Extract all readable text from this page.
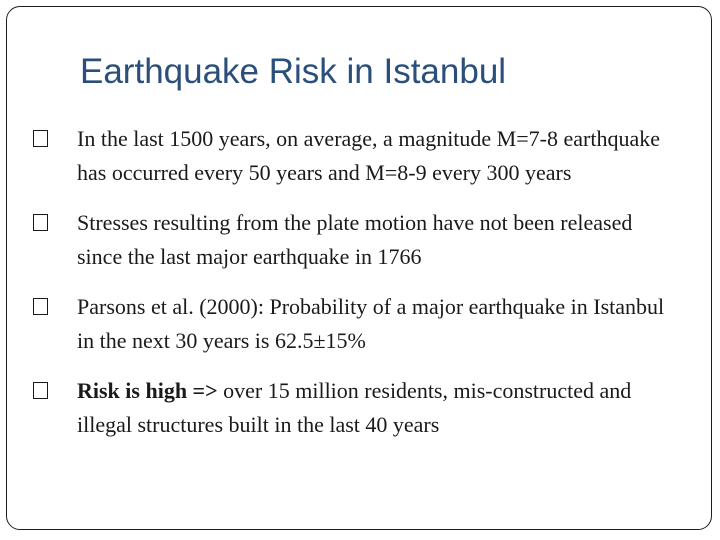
Earthquake Risk in Istanbul
In the last 1500 years, on average, a magnitude M=7-8 earthquake has occurred every 50 years and M=8-9 every 300 years
Stresses resulting from the plate motion have not been released since the last major earthquake in 1766
Parsons et al. (2000): Probability of a major earthquake in Istanbul in the next 30 years is 62.5±15%
Risk is high => over 15 million residents, mis-constructed and illegal structures built in the last 40 years
